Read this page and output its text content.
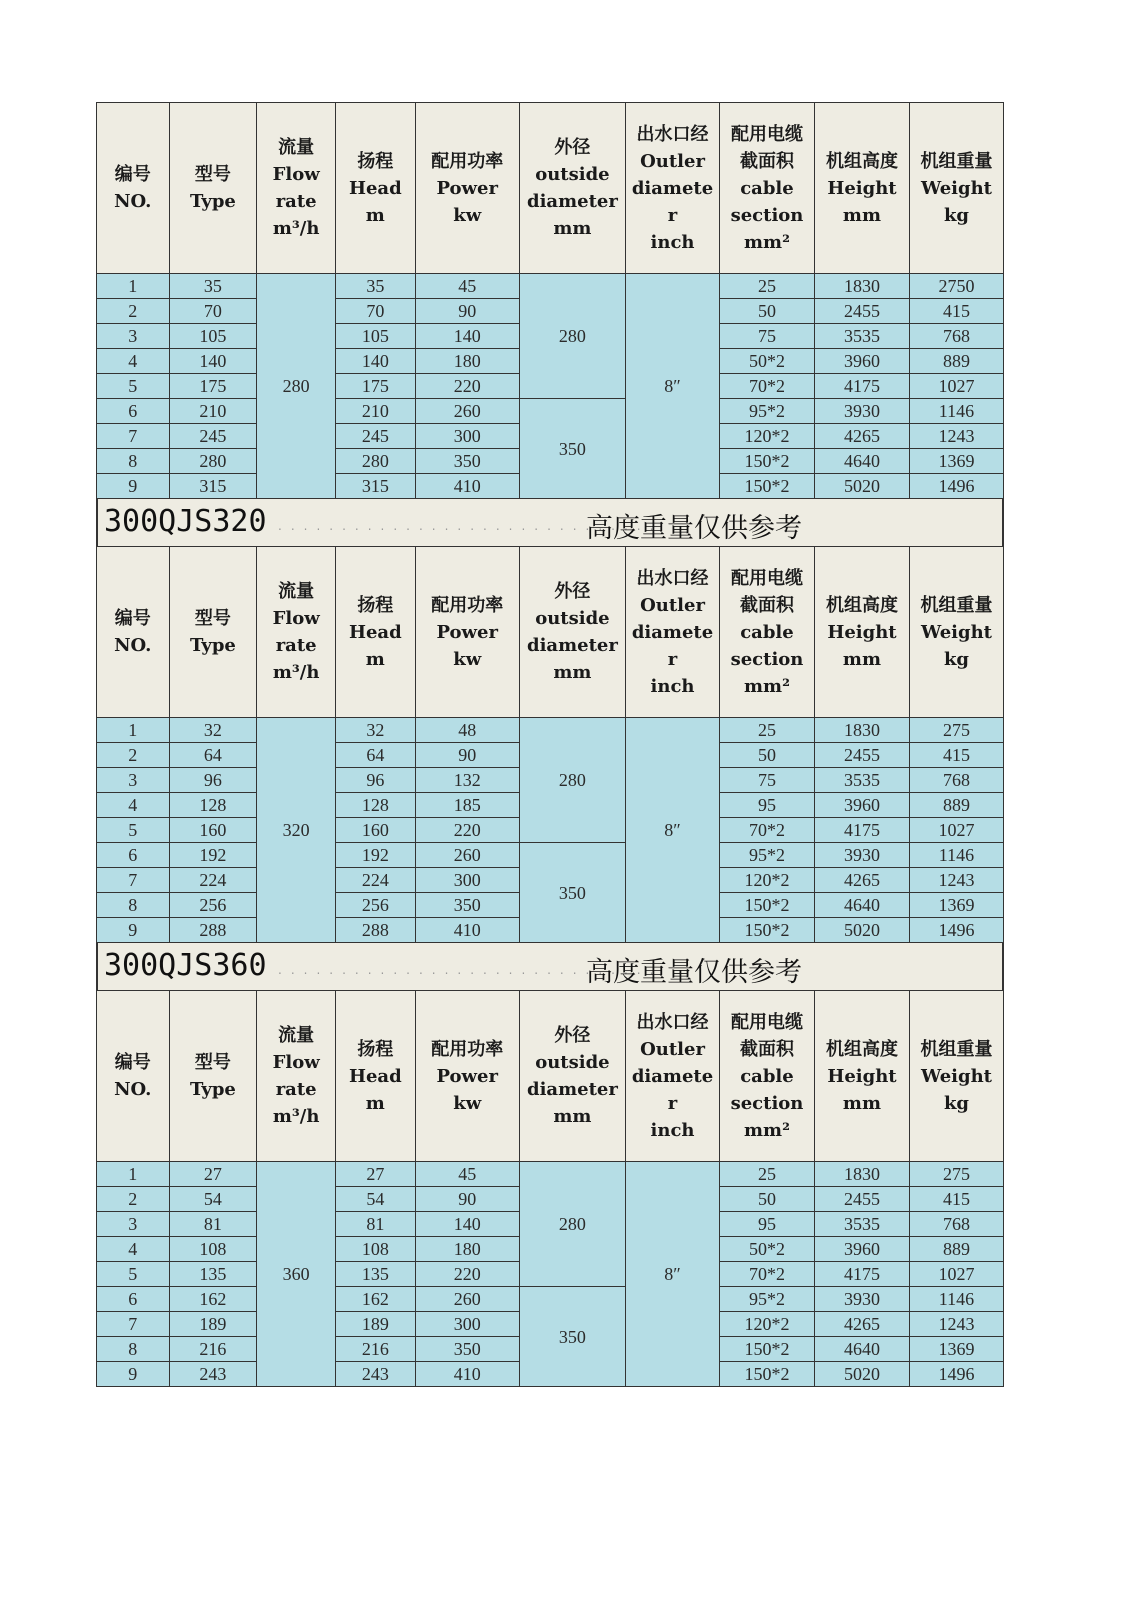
编号
NO.	型号
Type	流量
Flow
rate
m³/h	扬程
Head
m	配用功率
Power
kw	外径
outside
diameter
mm	出水口经
Outler
diamete
r
inch	配用电缆
截面积
cable
section
mm²	机组高度
Height
mm	机组重量
Weight
kg

1	35	280	35	45	280	8″	25	1830	2750
2	70		70	90			50	2455	415
3	105		105	140			75	3535	768
4	140		140	180			50*2	3960	889
5	175		175	220			70*2	4175	1027
6	210		210	260	350		95*2	3930	1146
7	245		245	300			120*2	4265	1243
8	280		280	350			150*2	4640	1369
9	315		315	410			150*2	5020	1496
300QJS320 ..............................
高度重量仅供参考
编号
NO.	型号
Type	流量
Flow
rate
m³/h	扬程
Head
m	配用功率
Power
kw	外径
outside
diameter
mm	出水口经
Outler
diamete
r
inch	配用电缆
截面积
cable
section
mm²	机组高度
Height
mm	机组重量
Weight
kg

1	32	320	32	48	280	8″	25	1830	275
2	64		64	90			50	2455	415
3	96		96	132			75	3535	768
4	128		128	185			95	3960	889
5	160		160	220			70*2	4175	1027
6	192		192	260	350		95*2	3930	1146
7	224		224	300			120*2	4265	1243
8	256		256	350			150*2	4640	1369
9	288		288	410			150*2	5020	1496
300QJS360 ..............................
高度重量仅供参考
编号
NO.	型号
Type	流量
Flow
rate
m³/h	扬程
Head
m	配用功率
Power
kw	外径
outside
diameter
mm	出水口经
Outler
diamete
r
inch	配用电缆
截面积
cable
section
mm²	机组高度
Height
mm	机组重量
Weight
kg

1	27	360	27	45	280	8″	25	1830	275
2	54		54	90			50	2455	415
3	81		81	140			95	3535	768
4	108		108	180			50*2	3960	889
5	135		135	220			70*2	4175	1027
6	162		162	260	350		95*2	3930	1146
7	189		189	300			120*2	4265	1243
8	216		216	350			150*2	4640	1369
9	243		243	410			150*2	5020	1496
